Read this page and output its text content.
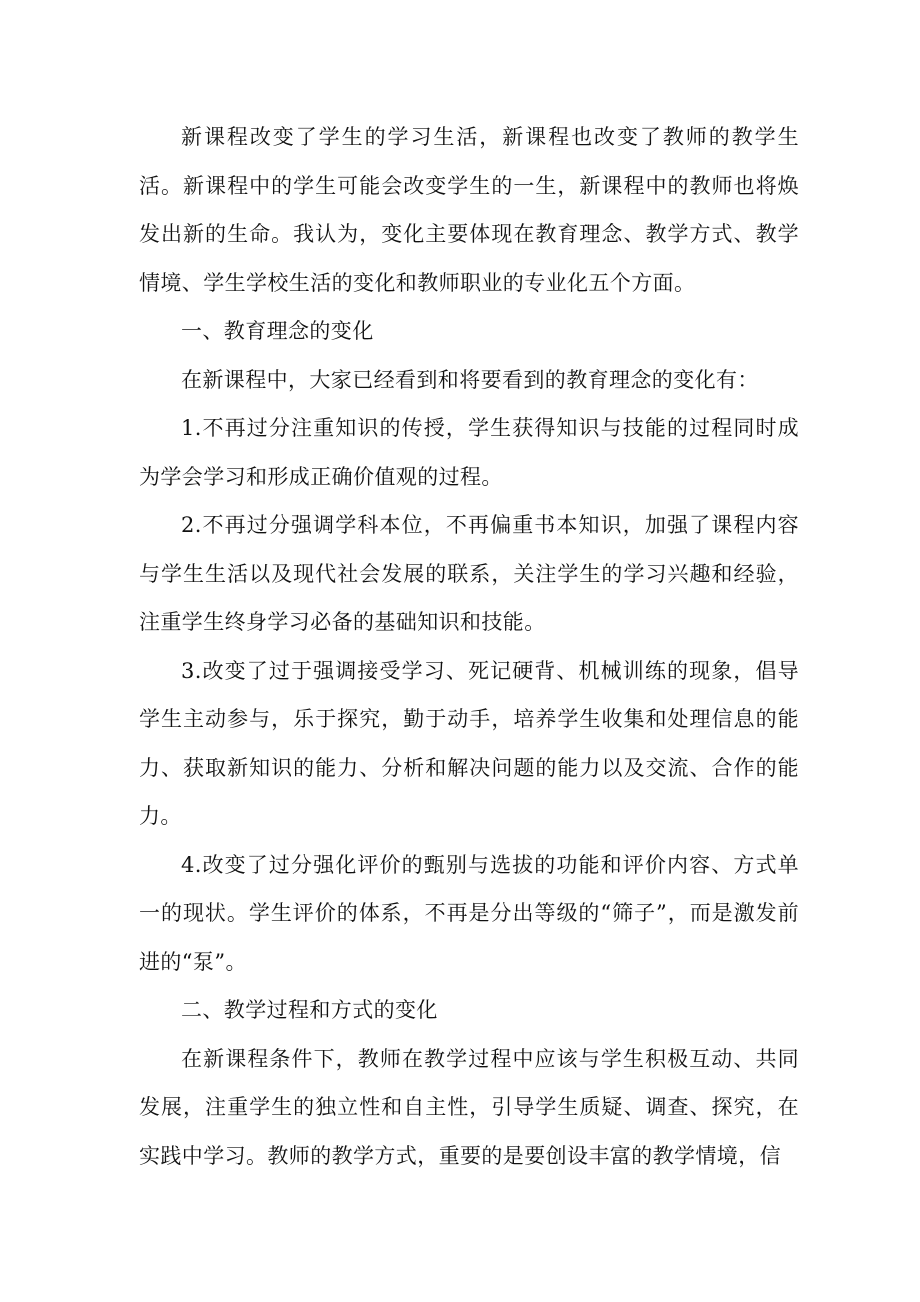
新课程改变了学生的学习生活，新课程也改变了教师的教学生活。新课程中的学生可能会改变学生的一生，新课程中的教师也将焕发出新的生命。我认为，变化主要体现在教育理念、教学方式、教学情境、学生学校生活的变化和教师职业的专业化五个方面。

一、教育理念的变化

在新课程中，大家已经看到和将要看到的教育理念的变化有：

1.不再过分注重知识的传授，学生获得知识与技能的过程同时成为学会学习和形成正确价值观的过程。

2.不再过分强调学科本位，不再偏重书本知识，加强了课程内容与学生生活以及现代社会发展的联系，关注学生的学习兴趣和经验，注重学生终身学习必备的基础知识和技能。

3.改变了过于强调接受学习、死记硬背、机械训练的现象，倡导学生主动参与，乐于探究，勤于动手，培养学生收集和处理信息的能力、获取新知识的能力、分析和解决问题的能力以及交流、合作的能力。

4.改变了过分强化评价的甄别与选拔的功能和评价内容、方式单一的现状。学生评价的体系，不再是分出等级的“筛子”，而是激发前进的“泵”。

二、教学过程和方式的变化

在新课程条件下，教师在教学过程中应该与学生积极互动、共同发展，注重学生的独立性和自主性，引导学生质疑、调查、探究，在实践中学习。教师的教学方式，重要的是要创设丰富的教学情境，信
